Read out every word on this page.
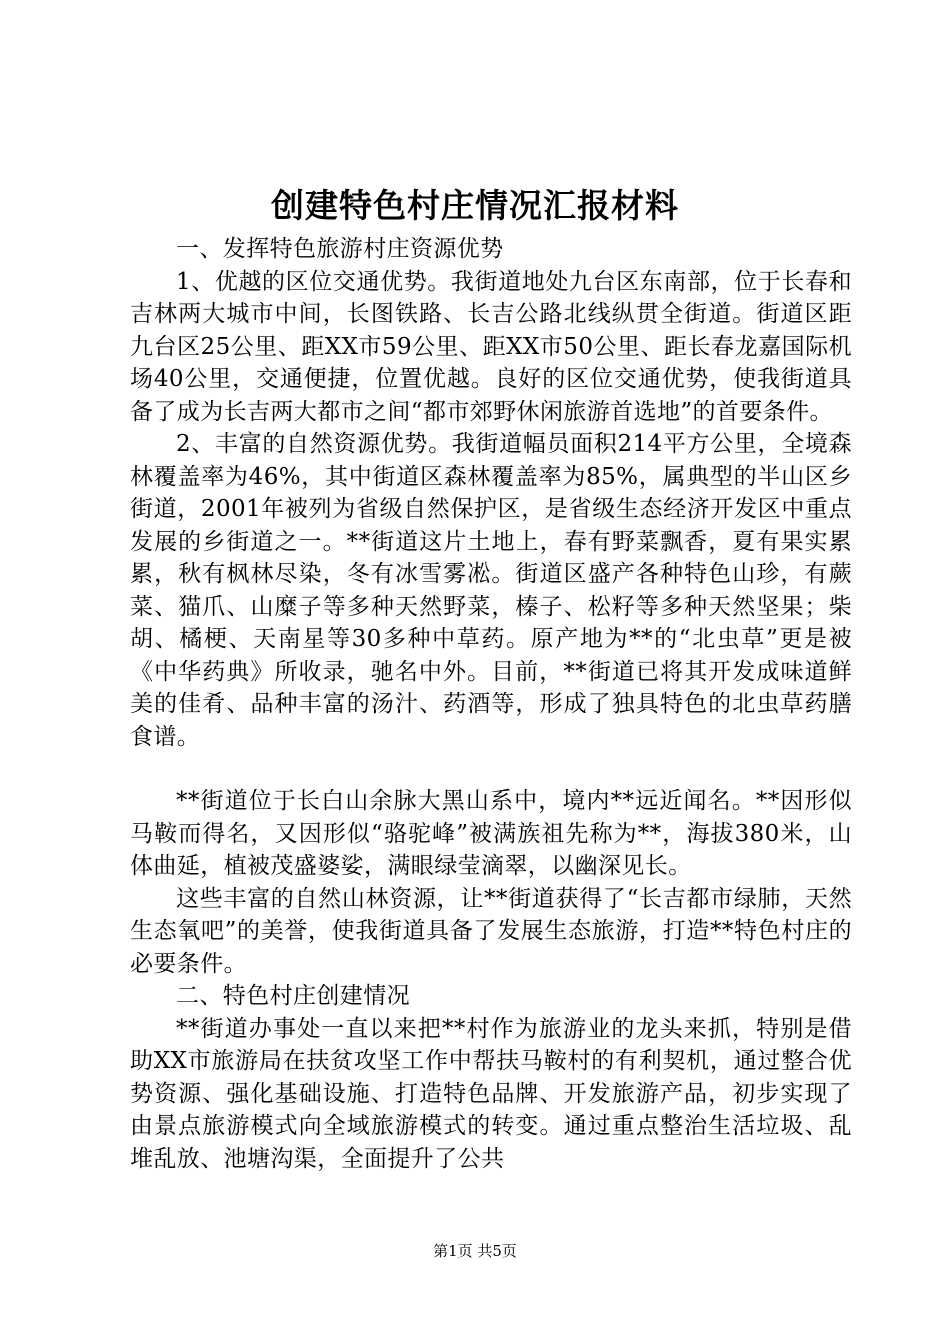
创建特色村庄情况汇报材料

一、发挥特色旅游村庄资源优势

1、优越的区位交通优势。我街道地处九台区东南部，位于长春和吉林两大城市中间，长图铁路、长吉公路北线纵贯全街道。街道区距九台区25公里、距XX市59公里、距XX市50公里、距长春龙嘉国际机场40公里，交通便捷，位置优越。良好的区位交通优势，使我街道具备了成为长吉两大都市之间“都市郊野休闲旅游首选地”的首要条件。

2、丰富的自然资源优势。我街道幅员面积214平方公里，全境森林覆盖率为46%，其中街道区森林覆盖率为85%，属典型的半山区乡街道，2001年被列为省级自然保护区，是省级生态经济开发区中重点发展的乡街道之一。**街道这片土地上，春有野菜飘香，夏有果实累累，秋有枫林尽染，冬有冰雪雾凇。街道区盛产各种特色山珍，有蕨菜、猫爪、山糜子等多种天然野菜，榛子、松籽等多种天然坚果；柴胡、橘梗、天南星等30多种中草药。原产地为**的“北虫草”更是被《中华药典》所收录，驰名中外。目前，**街道已将其开发成味道鲜美的佳肴、品种丰富的汤汁、药酒等，形成了独具特色的北虫草药膳食谱。

**街道位于长白山余脉大黑山系中，境内**远近闻名。**因形似马鞍而得名，又因形似“骆驼峰”被满族祖先称为**，海拔380米，山体曲延，植被茂盛婆娑，满眼绿莹滴翠，以幽深见长。

这些丰富的自然山林资源，让**街道获得了“长吉都市绿肺，天然生态氧吧”的美誉，使我街道具备了发展生态旅游，打造**特色村庄的必要条件。

二、特色村庄创建情况

**街道办事处一直以来把**村作为旅游业的龙头来抓，特别是借助XX市旅游局在扶贫攻坚工作中帮扶马鞍村的有利契机，通过整合优势资源、强化基础设施、打造特色品牌、开发旅游产品，初步实现了由景点旅游模式向全域旅游模式的转变。通过重点整治生活垃圾、乱堆乱放、池塘沟渠，全面提升了公共

第1页 共5页
